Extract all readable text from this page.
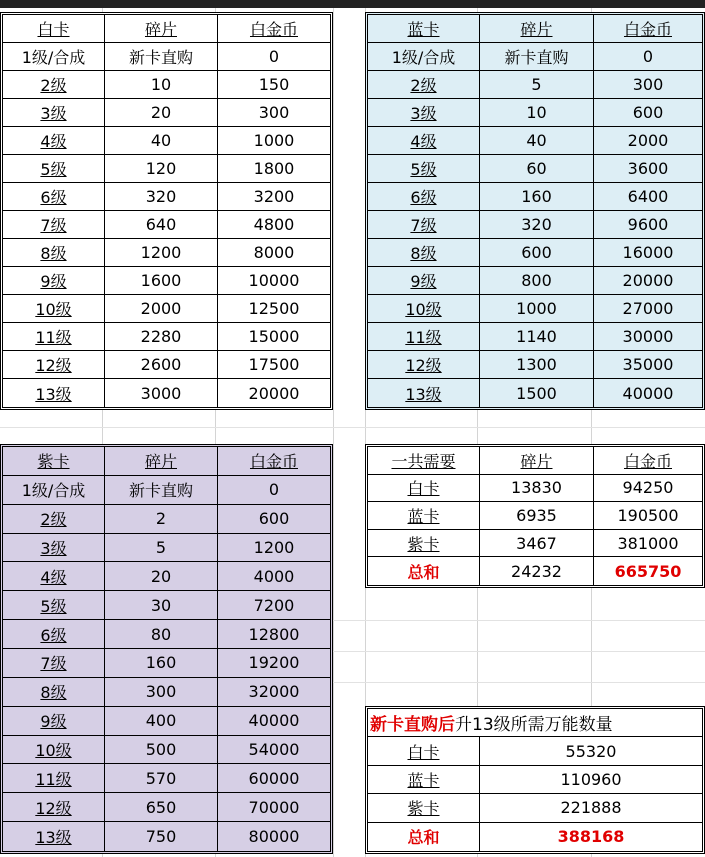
白卡	碎片	白金币
1级/合成	新卡直购	0
2级	10	150
3级	20	300
4级	40	1000
5级	120	1800
6级	320	3200
7级	640	4800
8级	1200	8000
9级	1600	10000
10级	2000	12500
11级	2280	15000
12级	2600	17500
13级	3000	20000
蓝卡	碎片	白金币
1级/合成	新卡直购	0
2级	5	300
3级	10	600
4级	40	2000
5级	60	3600
6级	160	6400
7级	320	9600
8级	600	16000
9级	800	20000
10级	1000	27000
11级	1140	30000
12级	1300	35000
13级	1500	40000
紫卡	碎片	白金币
1级/合成	新卡直购	0
2级	2	600
3级	5	1200
4级	20	4000
5级	30	7200
6级	80	12800
7级	160	19200
8级	300	32000
9级	400	40000
10级	500	54000
11级	570	60000
12级	650	70000
13级	750	80000
一共需要	碎片	白金币
白卡	13830	94250
蓝卡	6935	190500
紫卡	3467	381000
总和	24232	665750
新卡直购后 升13级所需万能数量
白卡	55320
蓝卡	110960
紫卡	221888
总和	388168
